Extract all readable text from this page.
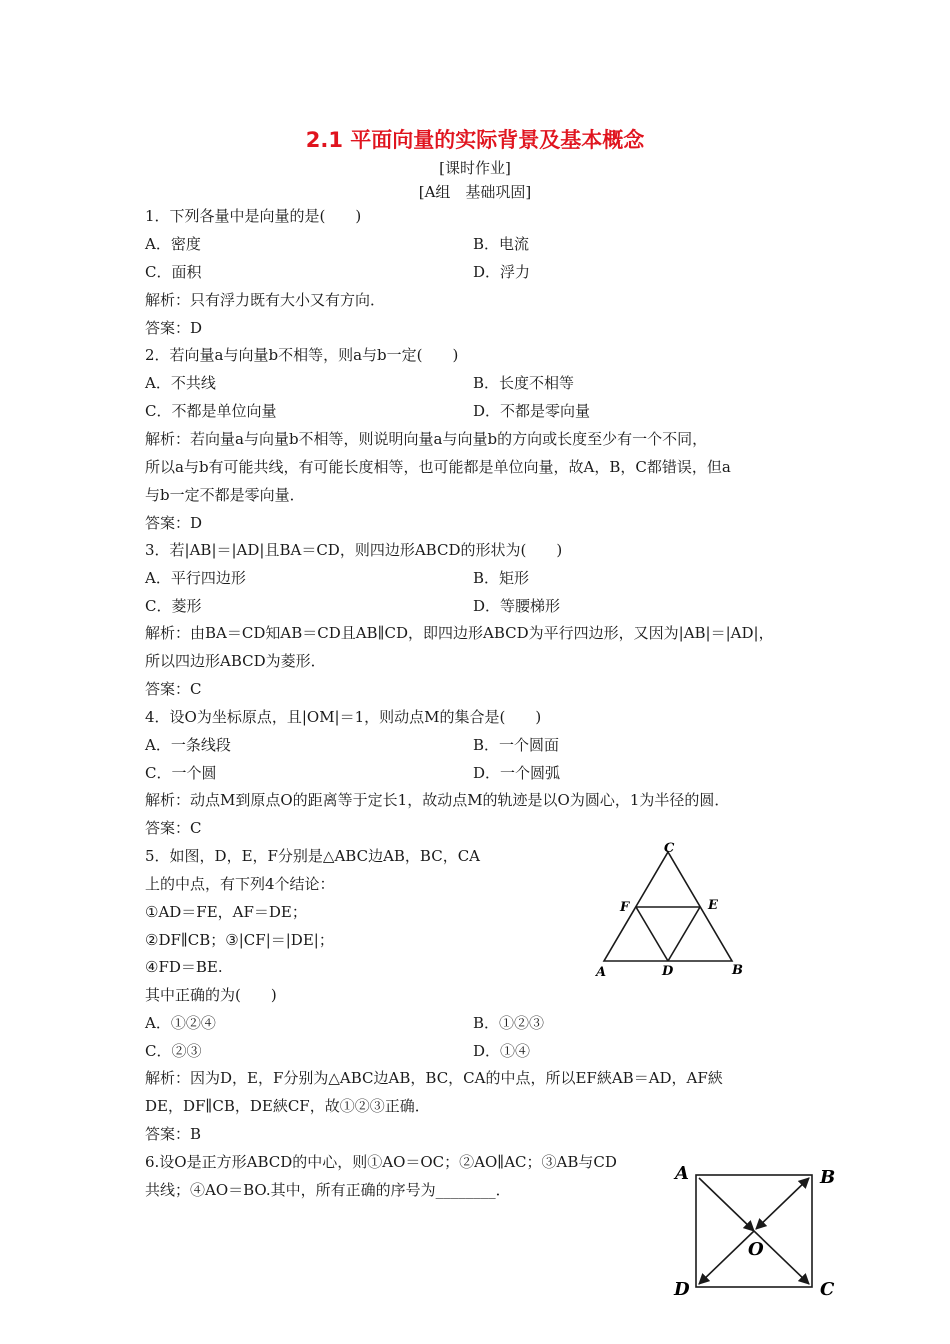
2.1 平面向量的实际背景及基本概念
[课时作业]
[A组　基础巩固]
1．下列各量中是向量的是(　　)
A．密度	B．电流
C．面积	D．浮力
解析：只有浮力既有大小又有方向．
答案：D
2．若向量a与向量b不相等，则a与b一定(　　)
A．不共线	B．长度不相等
C．不都是单位向量	D．不都是零向量
解析：若向量a与向量b不相等，则说明向量a与向量b的方向或长度至少有一个不同，
所以a与b有可能共线，有可能长度相等，也可能都是单位向量，故A，B，C都错误，但a
与b一定不都是零向量．
答案：D
3．若|AB|＝|AD|且BA＝CD，则四边形ABCD的形状为(　　)
A．平行四边形	B．矩形
C．菱形	D．等腰梯形
解析：由BA＝CD知AB＝CD且AB∥CD，即四边形ABCD为平行四边形，又因为|AB|＝|AD|，
所以四边形ABCD为菱形．
答案：C
4．设O为坐标原点，且|OM|＝1，则动点M的集合是(　　)
A．一条线段	B．一个圆面
C．一个圆	D．一个圆弧
解析：动点M到原点O的距离等于定长1，故动点M的轨迹是以O为圆心，1为半径的圆．
答案：C
5．如图，D，E，F分别是△ABC边AB，BC，CA
上的中点，有下列4个结论：
①AD＝FE，AF＝DE；
②DF∥CB；③|CF|＝|DE|；
④FD＝BE.
其中正确的为(　　)
A．①②④	B．①②③
C．②③	D．①④
解析：因为D，E，F分别为△ABC边AB，BC，CA的中点，所以EF綊AB＝AD，AF綊
DE，DF∥CB，DE綊CF，故①②③正确．
答案：B
C
F	E
A	D	B
6.设O是正方形ABCD的中心，则①AO＝OC；②AO∥AC；③AB与CD
共线；④AO＝BO.其中，所有正确的序号为________．
A	B
O
D	C
